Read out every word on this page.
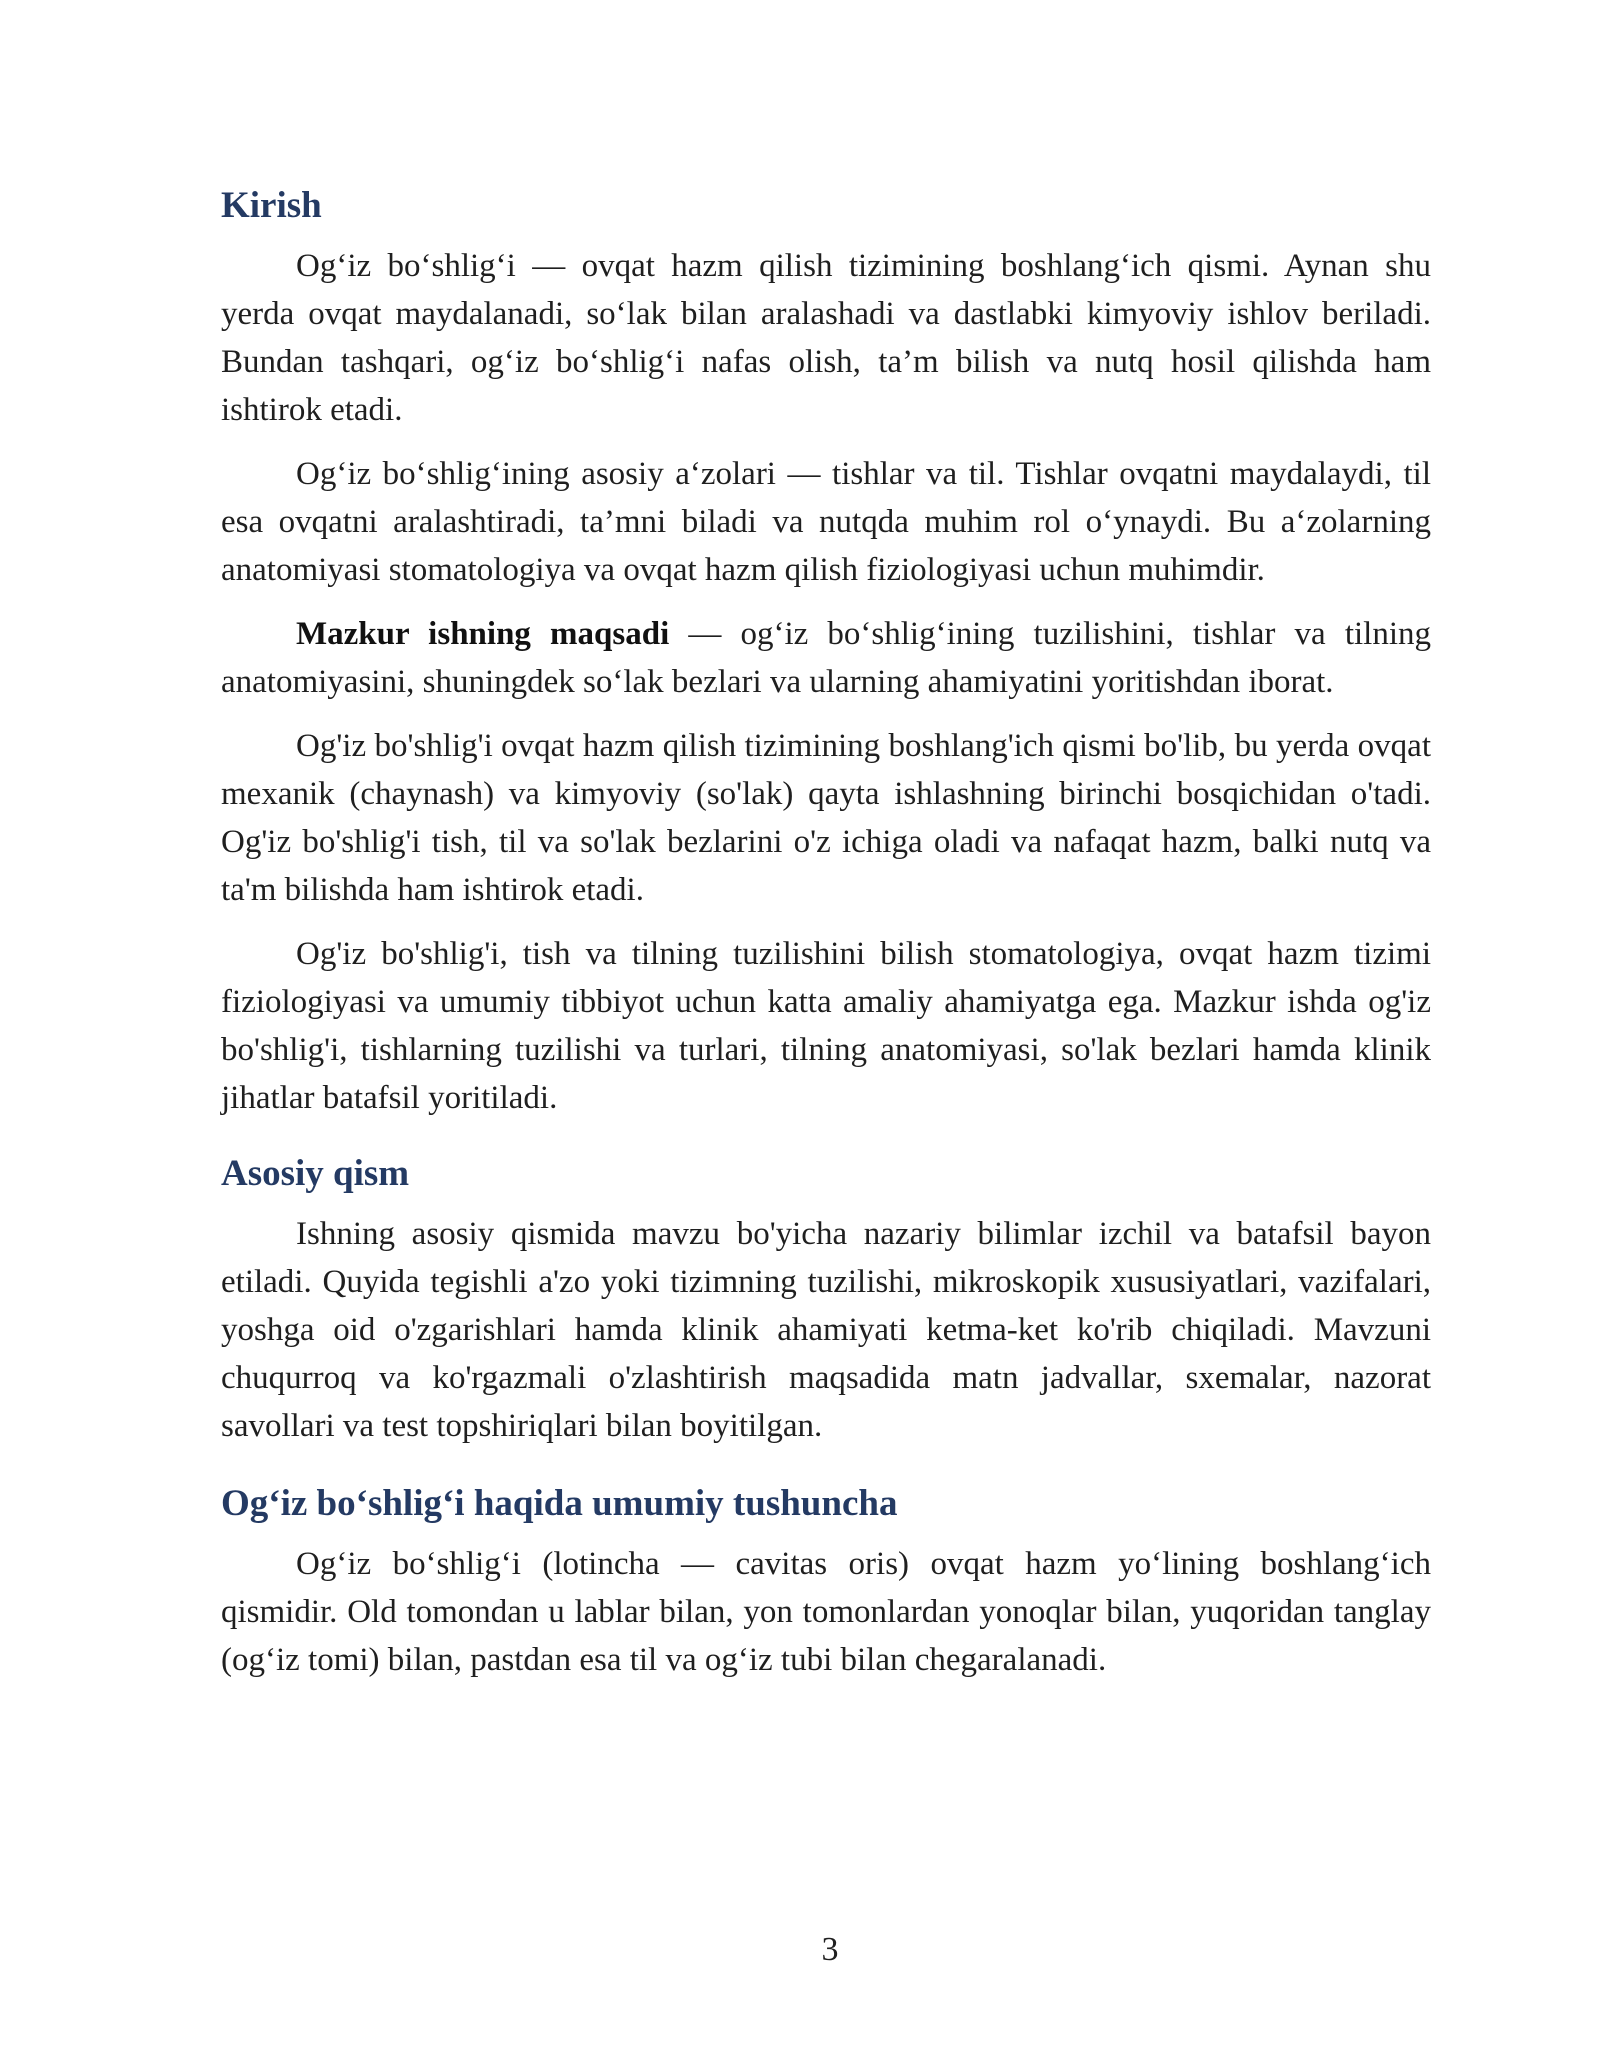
Kirish

Og‘iz bo‘shlig‘i — ovqat hazm qilish tizimining boshlang‘ich qismi. Aynan shu yerda ovqat maydalanadi, so‘lak bilan aralashadi va dastlabki kimyoviy ishlov beriladi. Bundan tashqari, og‘iz bo‘shlig‘i nafas olish, ta’m bilish va nutq hosil qilishda ham ishtirok etadi.

Og‘iz bo‘shlig‘ining asosiy a‘zolari — tishlar va til. Tishlar ovqatni maydalaydi, til esa ovqatni aralashtiradi, ta’mni biladi va nutqda muhim rol o‘ynaydi. Bu a‘zolarning anatomiyasi stomatologiya va ovqat hazm qilish fiziologiyasi uchun muhimdir.

Mazkur ishning maqsadi — og‘iz bo‘shlig‘ining tuzilishini, tishlar va tilning anatomiyasini, shuningdek so‘lak bezlari va ularning ahamiyatini yoritishdan iborat.

Og'iz bo'shlig'i ovqat hazm qilish tizimining boshlang'ich qismi bo'lib, bu yerda ovqat mexanik (chaynash) va kimyoviy (so'lak) qayta ishlashning birinchi bosqichidan o'tadi. Og'iz bo'shlig'i tish, til va so'lak bezlarini o'z ichiga oladi va nafaqat hazm, balki nutq va ta'm bilishda ham ishtirok etadi.

Og'iz bo'shlig'i, tish va tilning tuzilishini bilish stomatologiya, ovqat hazm tizimi fiziologiyasi va umumiy tibbiyot uchun katta amaliy ahamiyatga ega. Mazkur ishda og'iz bo'shlig'i, tishlarning tuzilishi va turlari, tilning anatomiyasi, so'lak bezlari hamda klinik jihatlar batafsil yoritiladi.

Asosiy qism

Ishning asosiy qismida mavzu bo'yicha nazariy bilimlar izchil va batafsil bayon etiladi. Quyida tegishli a'zo yoki tizimning tuzilishi, mikroskopik xususiyatlari, vazifalari, yoshga oid o'zgarishlari hamda klinik ahamiyati ketma-ket ko'rib chiqiladi. Mavzuni chuqurroq va ko'rgazmali o'zlashtirish maqsadida matn jadvallar, sxemalar, nazorat savollari va test topshiriqlari bilan boyitilgan.

Og‘iz bo‘shlig‘i haqida umumiy tushuncha

Og‘iz bo‘shlig‘i (lotincha — cavitas oris) ovqat hazm yo‘lining boshlang‘ich qismidir. Old tomondan u lablar bilan, yon tomonlardan yonoqlar bilan, yuqoridan tanglay (og‘iz tomi) bilan, pastdan esa til va og‘iz tubi bilan chegaralanadi.

3
